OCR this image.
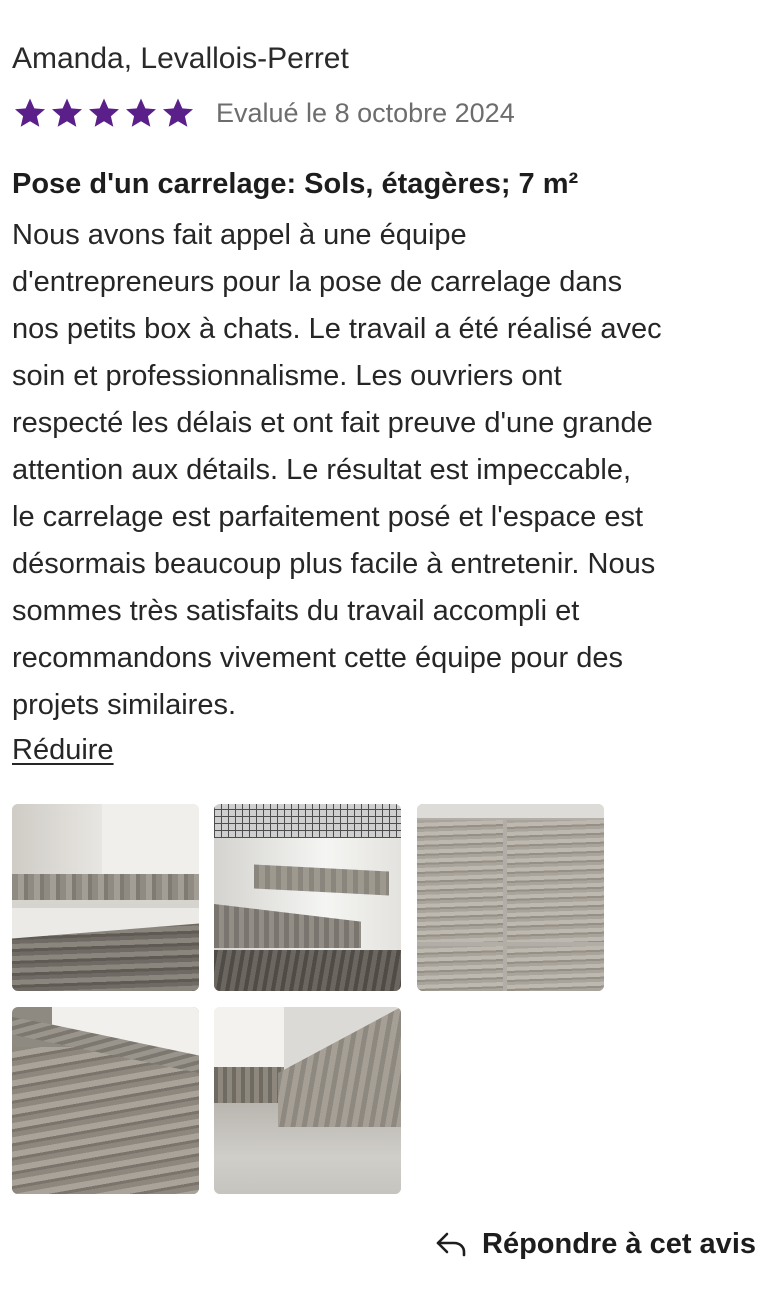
Amanda, Levallois-Perret
Evalué le 8 octobre 2024
Pose d'un carrelage: Sols, étagères; 7 m²
Nous avons fait appel à une équipe
d'entrepreneurs pour la pose de carrelage dans
nos petits box à chats. Le travail a été réalisé avec
soin et professionnalisme. Les ouvriers ont
respecté les délais et ont fait preuve d'une grande
attention aux détails. Le résultat est impeccable,
le carrelage est parfaitement posé et l'espace est
désormais beaucoup plus facile à entretenir. Nous
sommes très satisfaits du travail accompli et
recommandons vivement cette équipe pour des
projets similaires.
Réduire
Répondre à cet avis
